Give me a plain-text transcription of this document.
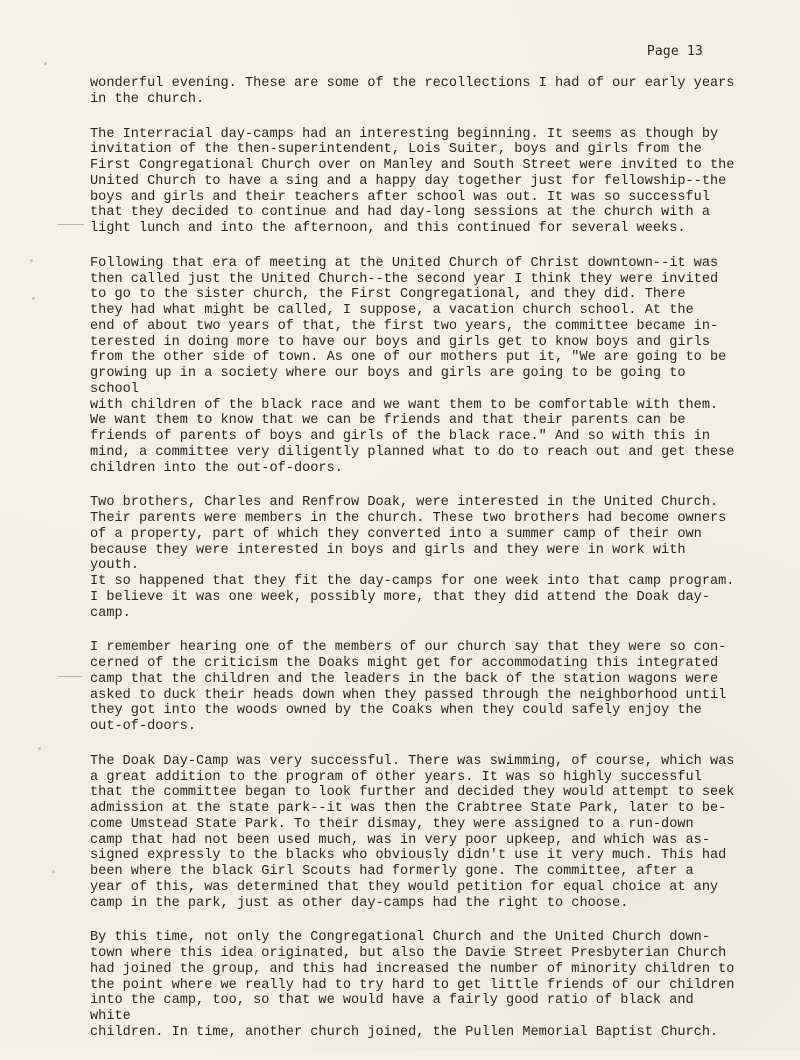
Page 13

wonderful evening. These are some of the recollections I had of our early years
in the church.

The Interracial day-camps had an interesting beginning. It seems as though by
invitation of the then-superintendent, Lois Suiter, boys and girls from the
First Congregational Church over on Manley and South Street were invited to the
United Church to have a sing and a happy day together just for fellowship--the
boys and girls and their teachers after school was out. It was so successful
that they decided to continue and had day-long sessions at the church with a
light lunch and into the afternoon, and this continued for several weeks.

Following that era of meeting at the United Church of Christ downtown--it was
then called just the United Church--the second year I think they were invited
to go to the sister church, the First Congregational, and they did. There
they had what might be called, I suppose, a vacation church school. At the
end of about two years of that, the first two years, the committee became in-
terested in doing more to have our boys and girls get to know boys and girls
from the other side of town. As one of our mothers put it, "We are going to be
growing up in a society where our boys and girls are going to be going to school
with children of the black race and we want them to be comfortable with them.
We want them to know that we can be friends and that their parents can be
friends of parents of boys and girls of the black race." And so with this in
mind, a committee very diligently planned what to do to reach out and get these
children into the out-of-doors.

Two brothers, Charles and Renfrow Doak, were interested in the United Church.
Their parents were members in the church. These two brothers had become owners
of a property, part of which they converted into a summer camp of their own
because they were interested in boys and girls and they were in work with youth.
It so happened that they fit the day-camps for one week into that camp program.
I believe it was one week, possibly more, that they did attend the Doak day-
camp.

I remember hearing one of the members of our church say that they were so con-
cerned of the criticism the Doaks might get for accommodating this integrated
camp that the children and the leaders in the back of the station wagons were
asked to duck their heads down when they passed through the neighborhood until
they got into the woods owned by the Coaks when they could safely enjoy the
out-of-doors.

The Doak Day-Camp was very successful. There was swimming, of course, which was
a great addition to the program of other years. It was so highly successful
that the committee began to look further and decided they would attempt to seek
admission at the state park--it was then the Crabtree State Park, later to be-
come Umstead State Park. To their dismay, they were assigned to a run-down
camp that had not been used much, was in very poor upkeep, and which was as-
signed expressly to the blacks who obviously didn't use it very much. This had
been where the black Girl Scouts had formerly gone. The committee, after a
year of this, was determined that they would petition for equal choice at any
camp in the park, just as other day-camps had the right to choose.

By this time, not only the Congregational Church and the United Church down-
town where this idea originated, but also the Davie Street Presbyterian Church
had joined the group, and this had increased the number of minority children to
the point where we really had to try hard to get little friends of our children
into the camp, too, so that we would have a fairly good ratio of black and white
children. In time, another church joined, the Pullen Memorial Baptist Church.
